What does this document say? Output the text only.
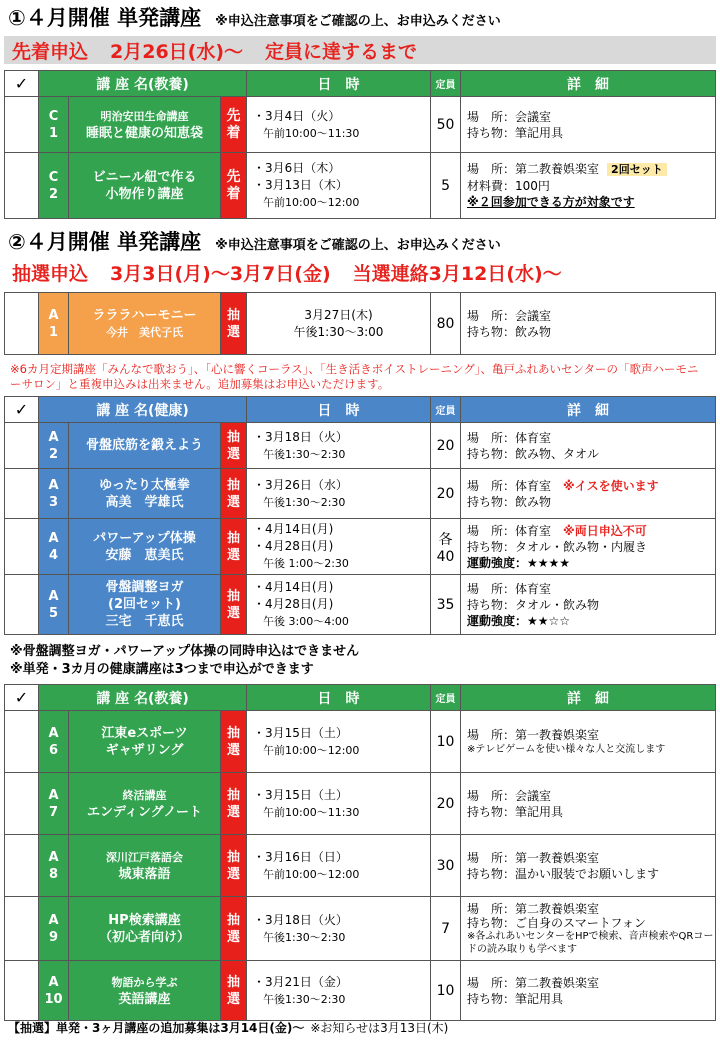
①４月開催 単発講座 ※申込注意事項をご確認の上、お申込みください
先着申込 2月26日(水)～ 定員に達するまで
✓	講 座 名(教養)			日　時	定員	詳　細
	C
1	明治安田生命講座
睡眠と健康の知恵袋	先
着	・3月4日（火）
午前10:00～11:30	50	場　所：会議室
持ち物：筆記用具
	C
2	ビニール紐で作る
小物作り講座	先
着	・3月6日（木）
・3月13日（木）
午前10:00～12:00	5	場　所：第二教養娯楽室 2回セット
材料費：100円
※２回参加できる方が対象です
②４月開催 単発講座 ※申込注意事項をご確認の上、お申込みください
抽選申込 3月3日(月)～3月7日(金) 当選連絡3月12日(水)～
	A
1	ラララハーモニー
今井　美代子氏	抽
選	3月27日(木)
午後1:30～3:00	80	場　所：会議室
持ち物：飲み物
※6カ月定期講座「みんなで歌おう」、「心に響くコーラス」、「生き活きボイストレーニング」、亀戸ふれあいセンターの「歌声ハーモニーサロン」と重複申込みは出来ません。追加募集はお申込いただけます。
✓	講 座 名(健康)			日　時	定員	詳　細
	A
2	骨盤底筋を鍛えよう	抽
選	・3月18日（火）
午後1:30～2:30	20	場　所：体育室
持ち物：飲み物、タオル
	A
3	ゆったり太極拳
高美　学雄氏	抽
選	・3月26日（水）
午後1:30～2:30	20	場　所：体育室 ※イスを使います
持ち物：飲み物
	A
4	パワーアップ体操
安藤　恵美氏	抽
選	・4月14日(月)
・4月28日(月)
午後 1:00～2:30	各
40	場　所：体育室 ※両日申込不可
持ち物：タオル・飲み物・内履き
運動強度：★★★★
	A
5	骨盤調整ヨガ
(2回セット)
三宅　千恵氏	抽
選	・4月14日(月)
・4月28日(月)
午後 3:00～4:00	35	場　所：体育室
持ち物：タオル・飲み物
運動強度：★★☆☆
※骨盤調整ヨガ・パワーアップ体操の同時申込はできません
※単発・3カ月の健康講座は3つまで申込ができます
✓	講 座 名(教養)			日　時	定員	詳　細
	A
6	江東eスポーツ
ギャザリング	抽
選	・3月15日（土）
午前10:00～12:00	10	場　所：第一教養娯楽室
※テレビゲームを使い様々な人と交流します

	A
7	終活講座
エンディングノート	抽
選	・3月15日（土）
午前10:00～11:30	20	場　所：会議室
持ち物：筆記用具
	A
8	深川江戸落語会
城東落語	抽
選	・3月16日（日）
午前10:00～12:00	30	場　所：第一教養娯楽室
持ち物：温かい服装でお願いします
	A
9	HP検索講座
（初心者向け）	抽
選	・3月18日（火）
午後1:30～2:30	7	場　所：第二教養娯楽室
持ち物：ご自身のスマートフォン
※各ふれあいセンターをHPで検索、音声検索やQRコードの読み取りも学べます

	A
10	物語から学ぶ
英語講座	抽
選	・3月21日（金）
午後1:30～2:30	10	場　所：第二教養娯楽室
持ち物：筆記用具
【抽選】単発・3ヶ月講座の追加募集は3月14日(金)～ ※お知らせは3月13日(木)
